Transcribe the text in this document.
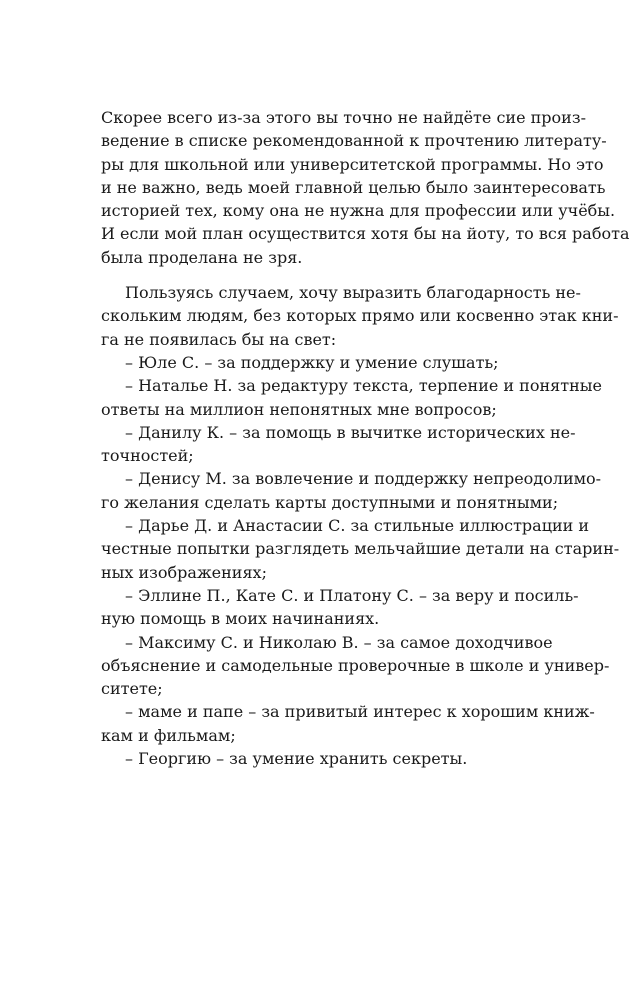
Скорее всего из-за этого вы точно не найдёте сие произ-
ведение в списке рекомендованной к прочтению литерату-
ры для школьной или университетской программы. Но это
и не важно, ведь моей главной целью было заинтересовать
историей тех, кому она не нужна для профессии или учёбы.
И если мой план осуществится хотя бы на йоту, то вся работа
была проделана не зря.

Пользуясь случаем, хочу выразить благодарность не-
скольким людям, без которых прямо или косвенно этак кни-
га не появилась бы на свет:

– Юле С. – за поддержку и умение слушать;

– Наталье Н. за редактуру текста, терпение и понятные
ответы на миллион непонятных мне вопросов;

– Данилу К. – за помощь в вычитке исторических не-
точностей;

– Денису М. за вовлечение и поддержку непреодолимо-
го желания сделать карты доступными и понятными;

– Дарье Д. и Анастасии С. за стильные иллюстрации и
честные попытки разглядеть мельчайшие детали на старин-
ных изображениях;

– Эллине П., Кате С. и Платону С. – за веру и посиль-
ную помощь в моих начинаниях.

– Максиму С. и Николаю В. – за самое доходчивое
объяснение и самодельные проверочные в школе и универ-
ситете;

– маме и папе – за привитый интерес к хорошим книж-
кам и фильмам;

– Георгию – за умение хранить секреты.
